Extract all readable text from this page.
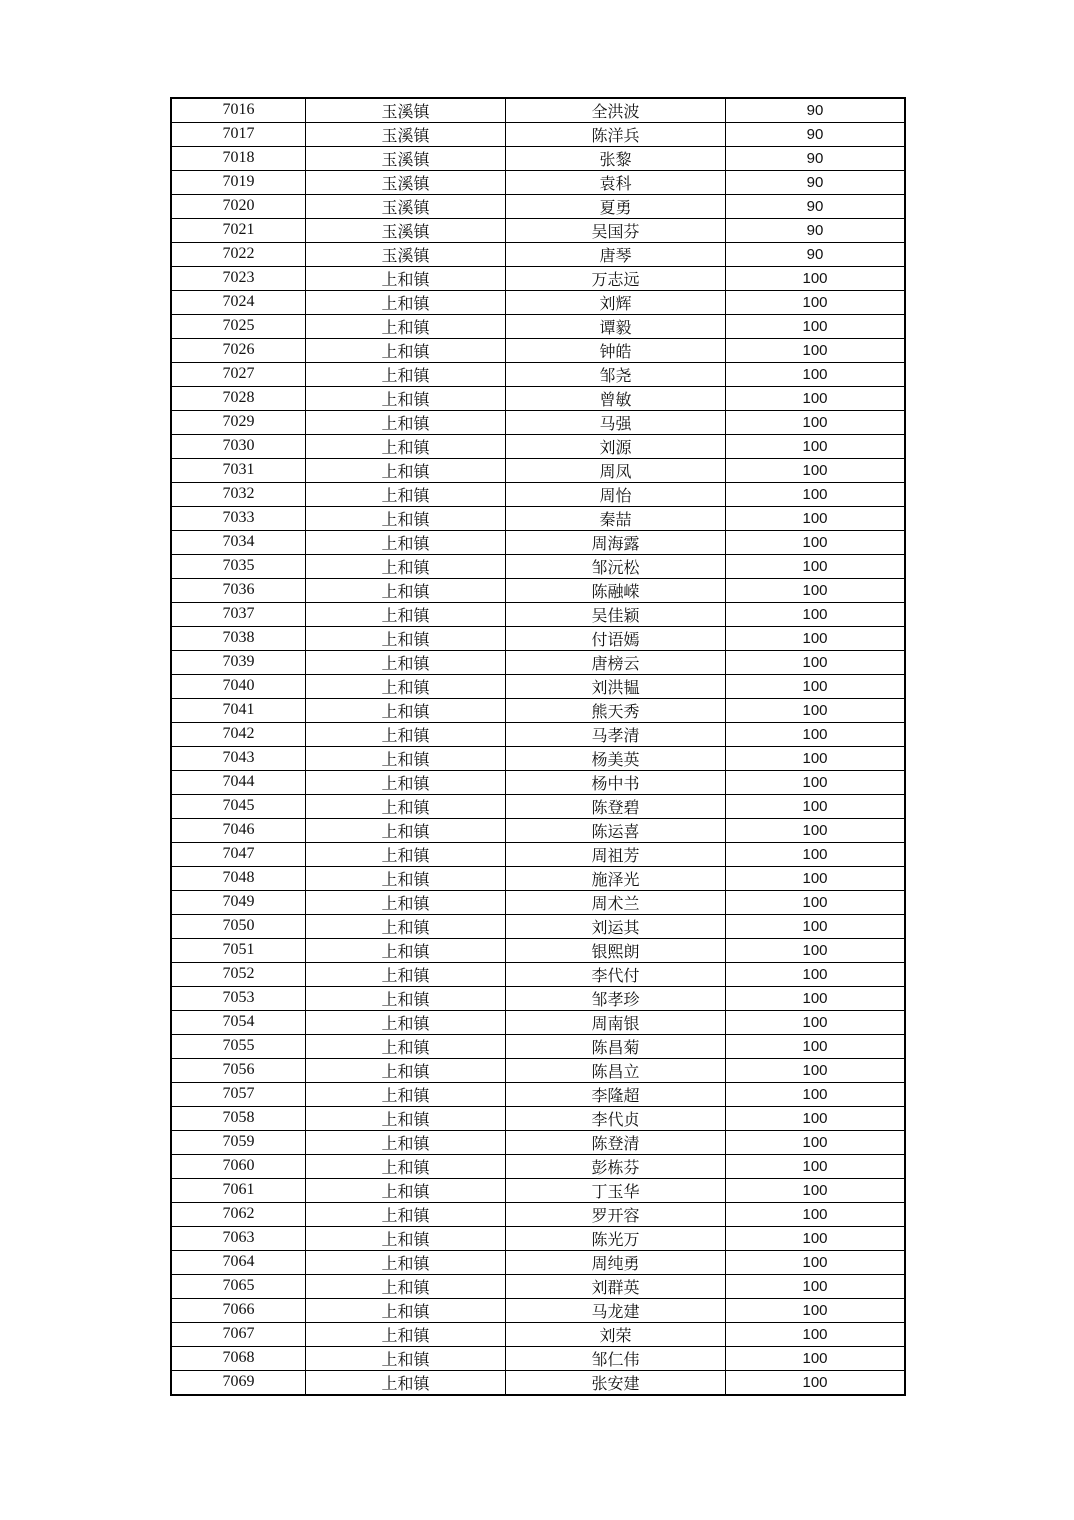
7016	玉溪镇	全洪波	90
7017	玉溪镇	陈洋兵	90
7018	玉溪镇	张黎	90
7019	玉溪镇	袁科	90
7020	玉溪镇	夏勇	90
7021	玉溪镇	吴国芬	90
7022	玉溪镇	唐琴	90
7023	上和镇	万志远	100
7024	上和镇	刘辉	100
7025	上和镇	谭毅	100
7026	上和镇	钟皓	100
7027	上和镇	邹尧	100
7028	上和镇	曾敏	100
7029	上和镇	马强	100
7030	上和镇	刘源	100
7031	上和镇	周凤	100
7032	上和镇	周怡	100
7033	上和镇	秦喆	100
7034	上和镇	周海露	100
7035	上和镇	邹沅松	100
7036	上和镇	陈融嵘	100
7037	上和镇	吴佳颖	100
7038	上和镇	付语嫣	100
7039	上和镇	唐榜云	100
7040	上和镇	刘洪韫	100
7041	上和镇	熊天秀	100
7042	上和镇	马孝清	100
7043	上和镇	杨美英	100
7044	上和镇	杨中书	100
7045	上和镇	陈登碧	100
7046	上和镇	陈运喜	100
7047	上和镇	周祖芳	100
7048	上和镇	施泽光	100
7049	上和镇	周术兰	100
7050	上和镇	刘运其	100
7051	上和镇	银熙朗	100
7052	上和镇	李代付	100
7053	上和镇	邹孝珍	100
7054	上和镇	周南银	100
7055	上和镇	陈昌菊	100
7056	上和镇	陈昌立	100
7057	上和镇	李隆超	100
7058	上和镇	李代贞	100
7059	上和镇	陈登清	100
7060	上和镇	彭栋芬	100
7061	上和镇	丁玉华	100
7062	上和镇	罗开容	100
7063	上和镇	陈光万	100
7064	上和镇	周纯勇	100
7065	上和镇	刘群英	100
7066	上和镇	马龙建	100
7067	上和镇	刘荣	100
7068	上和镇	邹仁伟	100
7069	上和镇	张安建	100
